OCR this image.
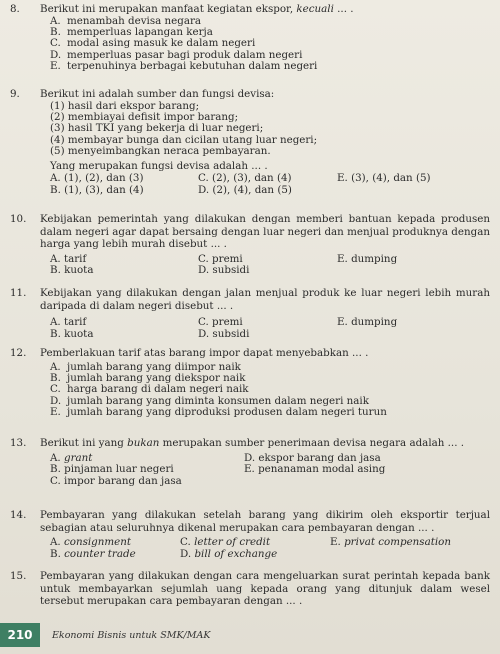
8.	Berikut ini merupakan manfaat kegiatan ekspor, kecuali ... .
A. menambah devisa negara
B. memperluas lapangan kerja
C. modal asing masuk ke dalam negeri
D. memperluas pasar bagi produk dalam negeri
E. terpenuhinya berbagai kebutuhan dalam negeri
9.	Berikut ini adalah sumber dan fungsi devisa:
(1) hasil dari ekspor barang;
(2) membiayai defisit impor barang;
(3) hasil TKI yang bekerja di luar negeri;
(4) membayar bunga dan cicilan utang luar negeri;
(5) menyeimbangkan neraca pembayaran.
Yang merupakan fungsi devisa adalah ... .
A. (1), (2), dan (3)	C. (2), (3), dan (4)	E. (3), (4), dan (5)
B. (1), (3), dan (4)	D. (2), (4), dan (5)
10.	Kebijakan pemerintah yang dilakukan dengan memberi bantuan kepada produsen dalam negeri agar dapat bersaing dengan luar negeri dan menjual produknya dengan harga yang lebih murah disebut ... .
A. tarif	C. premi	E. dumping
B. kuota	D. subsidi
11.	Kebijakan yang dilakukan dengan jalan menjual produk ke luar negeri lebih murah daripada di dalam negeri disebut ... .
A. tarif	C. premi	E. dumping
B. kuota	D. subsidi
12.	Pemberlakuan tarif atas barang impor dapat menyebabkan ... .
A. jumlah barang yang diimpor naik
B. jumlah barang yang diekspor naik
C. harga barang di dalam negeri naik
D. jumlah barang yang diminta konsumen dalam negeri naik
E. jumlah barang yang diproduksi produsen dalam negeri turun
13.	Berikut ini yang bukan merupakan sumber penerimaan devisa negara adalah ... .
A. grant	D. ekspor barang dan jasa
B. pinjaman luar negeri	E. penanaman modal asing
C. impor barang dan jasa
14.	Pembayaran yang dilakukan setelah barang yang dikirim oleh eksportir terjual sebagian atau seluruhnya dikenal merupakan cara pembayaran dengan ... .
A. consignment	C. letter of credit	E. privat compensation
B. counter trade	D. bill of exchange
15.	Pembayaran yang dilakukan dengan cara mengeluarkan surat perintah kepada bank untuk membayarkan sejumlah uang kepada orang yang ditunjuk dalam wesel tersebut merupakan cara pembayaran dengan ... .
210	Ekonomi Bisnis untuk SMK/MAK
